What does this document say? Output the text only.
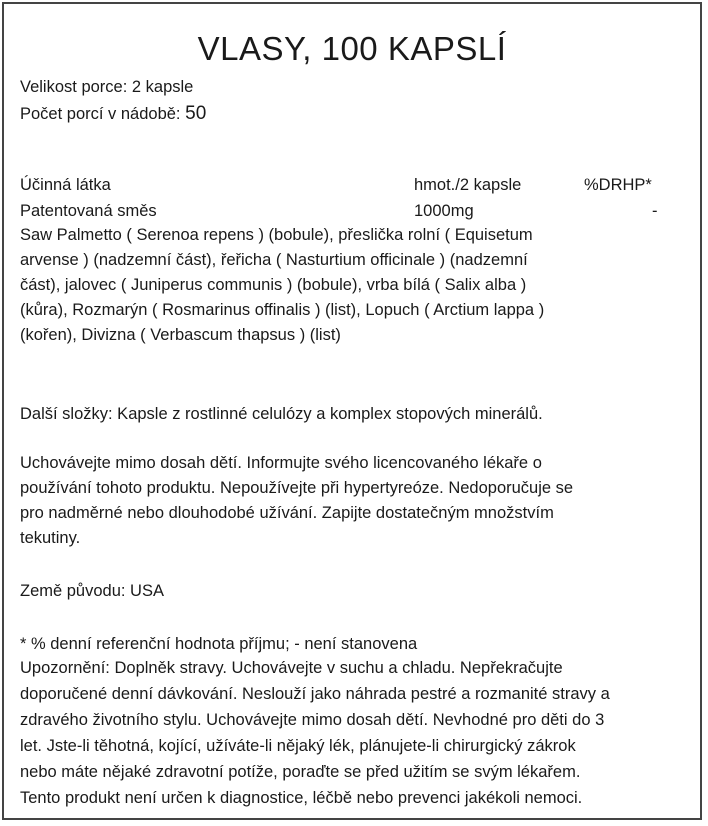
VLASY, 100 KAPSLÍ
Velikost porce: 2 kapsle
Počet porcí v nádobě: 50
Účinná látka	hmot./2 kapsle	%DRHP*
Patentovaná směs	1000mg	-
Saw Palmetto ( Serenoa repens ) (bobule), přeslička rolní ( Equisetum
arvense ) (nadzemní část), řeřicha ( Nasturtium officinale ) (nadzemní
část), jalovec ( Juniperus communis ) (bobule), vrba bílá ( Salix alba )
(kůra), Rozmarýn ( Rosmarinus offinalis ) (list), Lopuch ( Arctium lappa )
(kořen), Divizna ( Verbascum thapsus ) (list)
Další složky: Kapsle z rostlinné celulózy a komplex stopových minerálů.
Uchovávejte mimo dosah dětí. Informujte svého licencovaného lékaře o
používání tohoto produktu. Nepoužívejte při hypertyreóze. Nedoporučuje se
pro nadměrné nebo dlouhodobé užívání. Zapijte dostatečným množstvím
tekutiny.
Země původu: USA
* % denní referenční hodnota příjmu; - není stanovena
Upozornění: Doplněk stravy. Uchovávejte v suchu a chladu. Nepřekračujte
doporučené denní dávkování. Neslouží jako náhrada pestré a rozmanité stravy a
zdravého životního stylu. Uchovávejte mimo dosah dětí. Nevhodné pro děti do 3
let. Jste-li těhotná, kojící, užíváte-li nějaký lék, plánujete-li chirurgický zákrok
nebo máte nějaké zdravotní potíže, poraďte se před užitím se svým lékařem.
Tento produkt není určen k diagnostice, léčbě nebo prevenci jakékoli nemoci.
